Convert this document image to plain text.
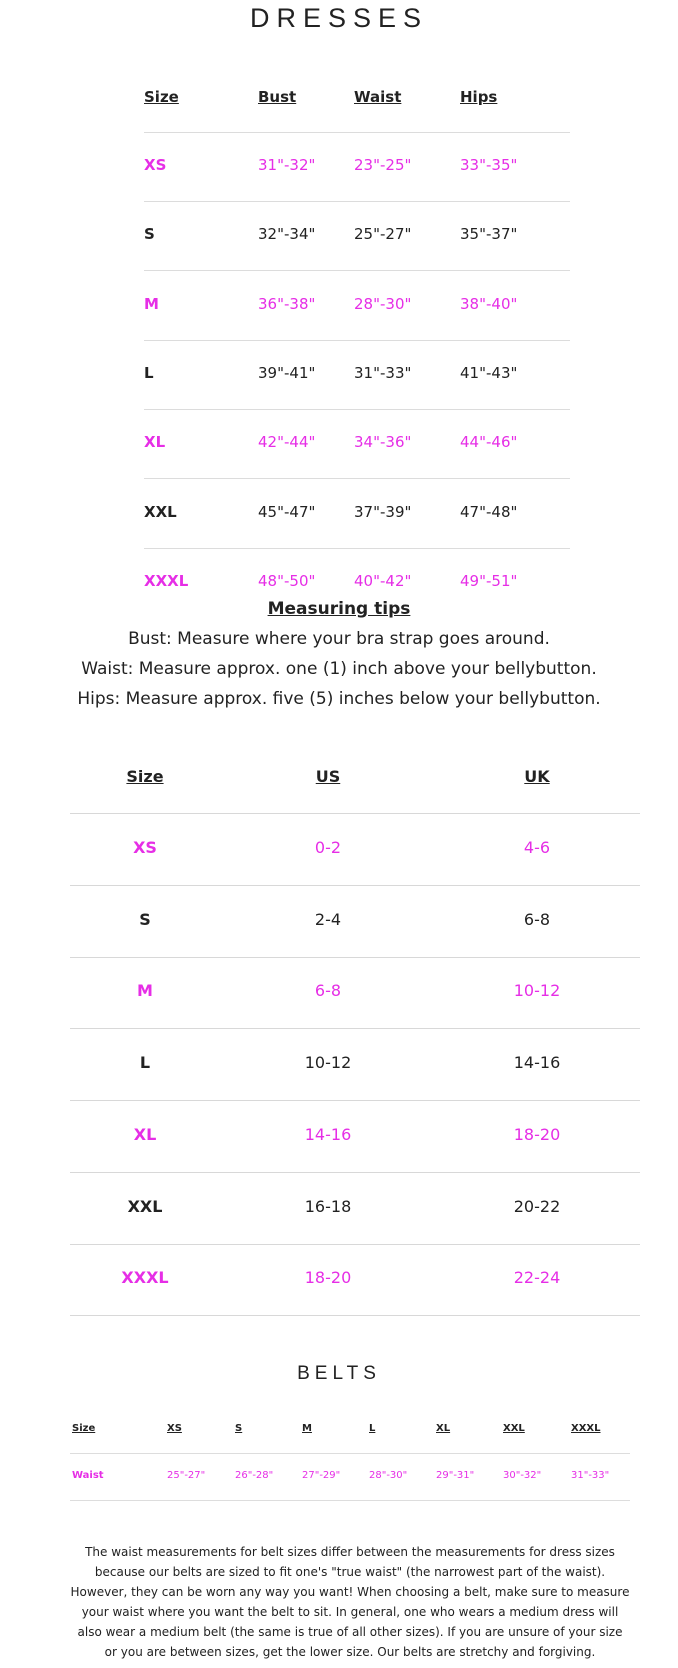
DRESSES
Size	Bust	Waist	Hips
XS	31"-32"	23"-25"	33"-35"
S	32"-34"	25"-27"	35"-37"
M	36"-38"	28"-30"	38"-40"
L	39"-41"	31"-33"	41"-43"
XL	42"-44"	34"-36"	44"-46"
XXL	45"-47"	37"-39"	47"-48"
XXXL	48"-50"	40"-42"	49"-51"
Measuring tips
Bust: Measure where your bra strap goes around.
Waist: Measure approx. one (1) inch above your bellybutton.
Hips: Measure approx. five (5) inches below your bellybutton.
Size	US	UK
XS	0-2	4-6
S	2-4	6-8
M	6-8	10-12
L	10-12	14-16
XL	14-16	18-20
XXL	16-18	20-22
XXXL	18-20	22-24
BELTS
Size	XS	S	M	L	XL	XXL	XXXL
Waist	25"-27"	26"-28"	27"-29"	28"-30"	29"-31"	30"-32"	31"-33"
The waist measurements for belt sizes differ between the measurements for dress sizes because our belts are sized to fit one's "true waist" (the narrowest part of the waist). However, they can be worn any way you want! When choosing a belt, make sure to measure your waist where you want the belt to sit. In general, one who wears a medium dress will also wear a medium belt (the same is true of all other sizes). If you are unsure of your size or you are between sizes, get the lower size. Our belts are stretchy and forgiving.
